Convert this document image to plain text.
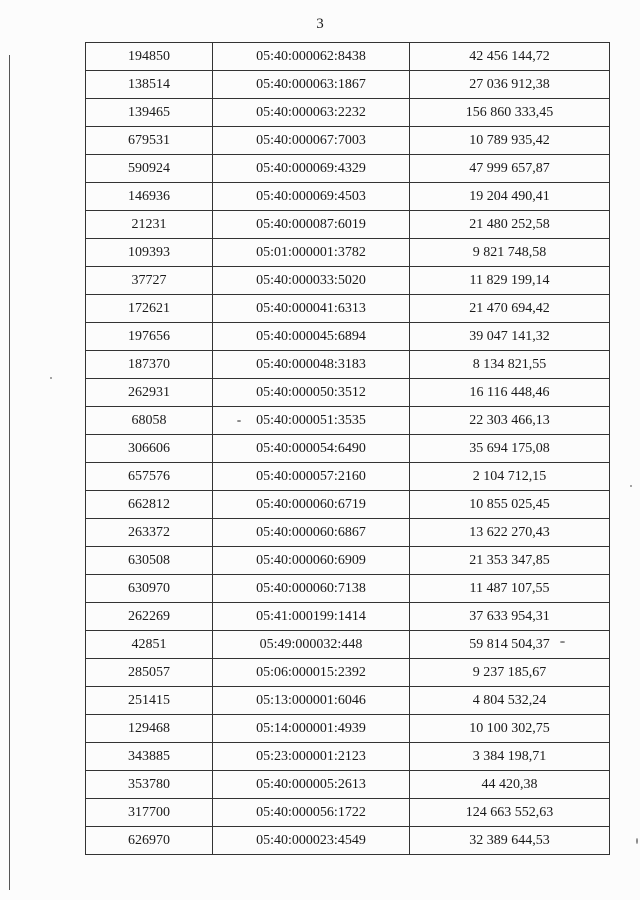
3
194850	05:40:000062:8438	42 456 144,72
138514	05:40:000063:1867	27 036 912,38
139465	05:40:000063:2232	156 860 333,45
679531	05:40:000067:7003	10 789 935,42
590924	05:40:000069:4329	47 999 657,87
146936	05:40:000069:4503	19 204 490,41
21231	05:40:000087:6019	21 480 252,58
109393	05:01:000001:3782	9 821 748,58
37727	05:40:000033:5020	11 829 199,14
172621	05:40:000041:6313	21 470 694,42
197656	05:40:000045:6894	39 047 141,32
187370	05:40:000048:3183	8 134 821,55
262931	05:40:000050:3512	16 116 448,46
68058	05:40:000051:3535	22 303 466,13
306606	05:40:000054:6490	35 694 175,08
657576	05:40:000057:2160	2 104 712,15
662812	05:40:000060:6719	10 855 025,45
263372	05:40:000060:6867	13 622 270,43
630508	05:40:000060:6909	21 353 347,85
630970	05:40:000060:7138	11 487 107,55
262269	05:41:000199:1414	37 633 954,31
42851	05:49:000032:448	59 814 504,37
285057	05:06:000015:2392	9 237 185,67
251415	05:13:000001:6046	4 804 532,24
129468	05:14:000001:4939	10 100 302,75
343885	05:23:000001:2123	3 384 198,71
353780	05:40:000005:2613	44 420,38
317700	05:40:000056:1722	124 663 552,63
626970	05:40:000023:4549	32 389 644,53
